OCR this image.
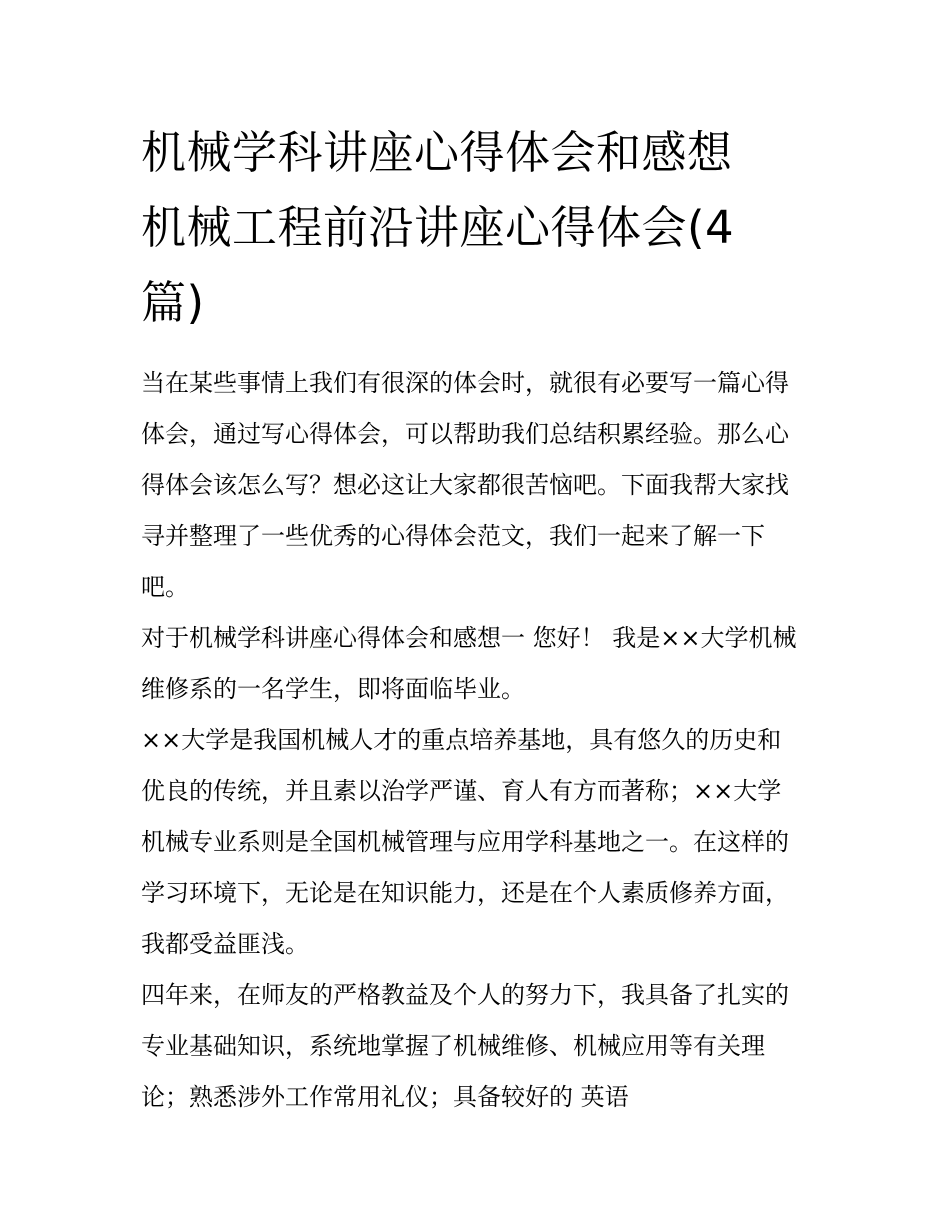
机械学科讲座心得体会和感想
机械工程前沿讲座心得体会(4
篇)

当在某些事情上我们有很深的体会时，就很有必要写一篇心得
体会，通过写心得体会，可以帮助我们总结积累经验。那么心
得体会该怎么写？想必这让大家都很苦恼吧。下面我帮大家找
寻并整理了一些优秀的心得体会范文，我们一起来了解一下
吧。

对于机械学科讲座心得体会和感想一 您好！ 我是××大学机械
维修系的一名学生，即将面临毕业。

××大学是我国机械人才的重点培养基地，具有悠久的历史和
优良的传统，并且素以治学严谨、育人有方而著称；××大学
机械专业系则是全国机械管理与应用学科基地之一。在这样的
学习环境下，无论是在知识能力，还是在个人素质修养方面，
我都受益匪浅。

四年来，在师友的严格教益及个人的努力下，我具备了扎实的
专业基础知识，系统地掌握了机械维修、机械应用等有关理
论；熟悉涉外工作常用礼仪；具备较好的 英语
